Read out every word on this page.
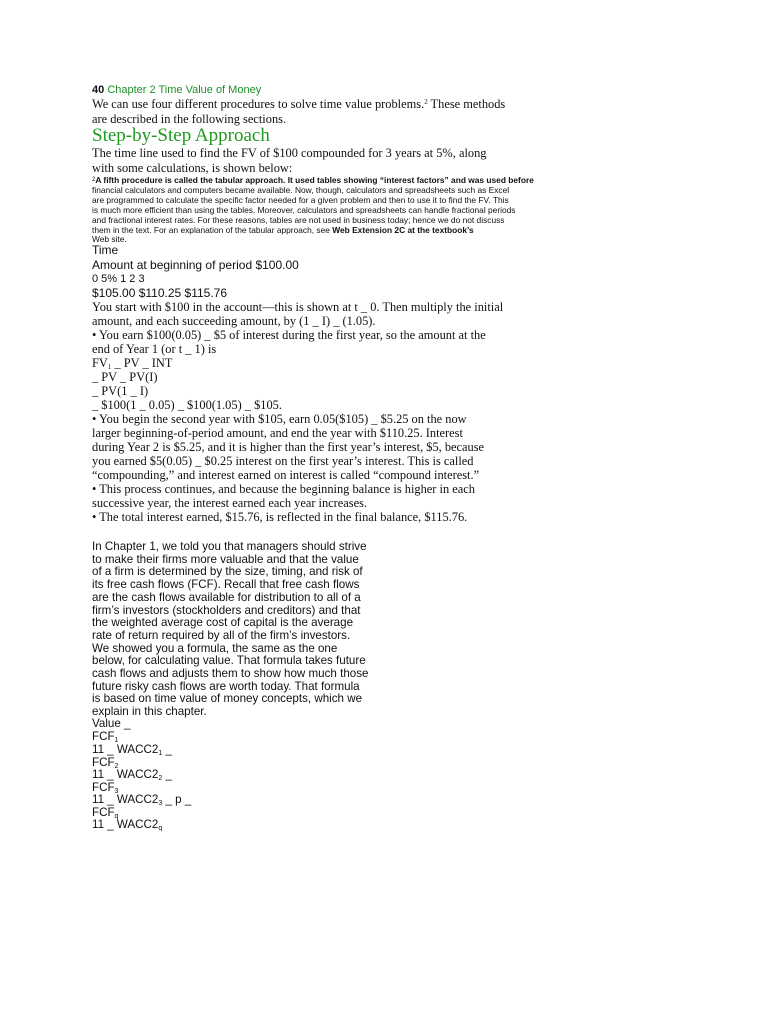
40 Chapter 2 Time Value of Money
We can use four different procedures to solve time value problems.$^2$ These methods
are described in the following sections.
Step-by-Step Approach
The time line used to find the FV of $100 compounded for 3 years at 5%, along
with some calculations, is shown below:
$^2$A fifth procedure is called the tabular approach. It used tables showing “interest factors” and was used before
financial calculators and computers became available. Now, though, calculators and spreadsheets such as Excel
are programmed to calculate the specific factor needed for a given problem and then to use it to find the FV. This
is much more efficient than using the tables. Moreover, calculators and spreadsheets can handle fractional periods
and fractional interest rates. For these reasons, tables are not used in business today; hence we do not discuss
them in the text. For an explanation of the tabular approach, see Web Extension 2C at the textbook’s
Web site.
Time
Amount at beginning of period $100.00
0 5% 1 2 3
$105.00 $110.25 $115.76
You start with $100 in the account—this is shown at t _ 0. Then multiply the initial
amount, and each succeeding amount, by (1 _ I) _ (1.05).
• You earn $100(0.05) _ $5 of interest during the first year, so the amount at the
end of Year 1 (or t _ 1) is
$FV_1$ _ PV _ INT
_ PV _ PV(I)
_ PV(1 _ I)
_ $100(1 _ 0.05) _ $100(1.05) _ $105.
• You begin the second year with $105, earn 0.05($105) _ $5.25 on the now
larger beginning-of-period amount, and end the year with $110.25. Interest
during Year 2 is $5.25, and it is higher than the first year’s interest, $5, because
you earned $5(0.05) _ $0.25 interest on the first year’s interest. This is called
“compounding,” and interest earned on interest is called “compound interest.”
• This process continues, and because the beginning balance is higher in each
successive year, the interest earned each year increases.
• The total interest earned, $15.76, is reflected in the final balance, $115.76.
In Chapter 1, we told you that managers should strive
to make their firms more valuable and that the value
of a firm is determined by the size, timing, and risk of
its free cash flows (FCF). Recall that free cash flows
are the cash flows available for distribution to all of a
firm’s investors (stockholders and creditors) and that
the weighted average cost of capital is the average
rate of return required by all of the firm’s investors.
We showed you a formula, the same as the one
below, for calculating value. That formula takes future
cash flows and adjusts them to show how much those
future risky cash flows are worth today. That formula
is based on time value of money concepts, which we
explain in this chapter.
Value _
$FCF_1$
11 _ $WACC2_1$ _
$FCF_2$
11 _ $WACC2_2$ _
$FCF_3$
11 _ $WACC2_3$ _ p _
$FCF_q$
11 _ $WACC2_q$
